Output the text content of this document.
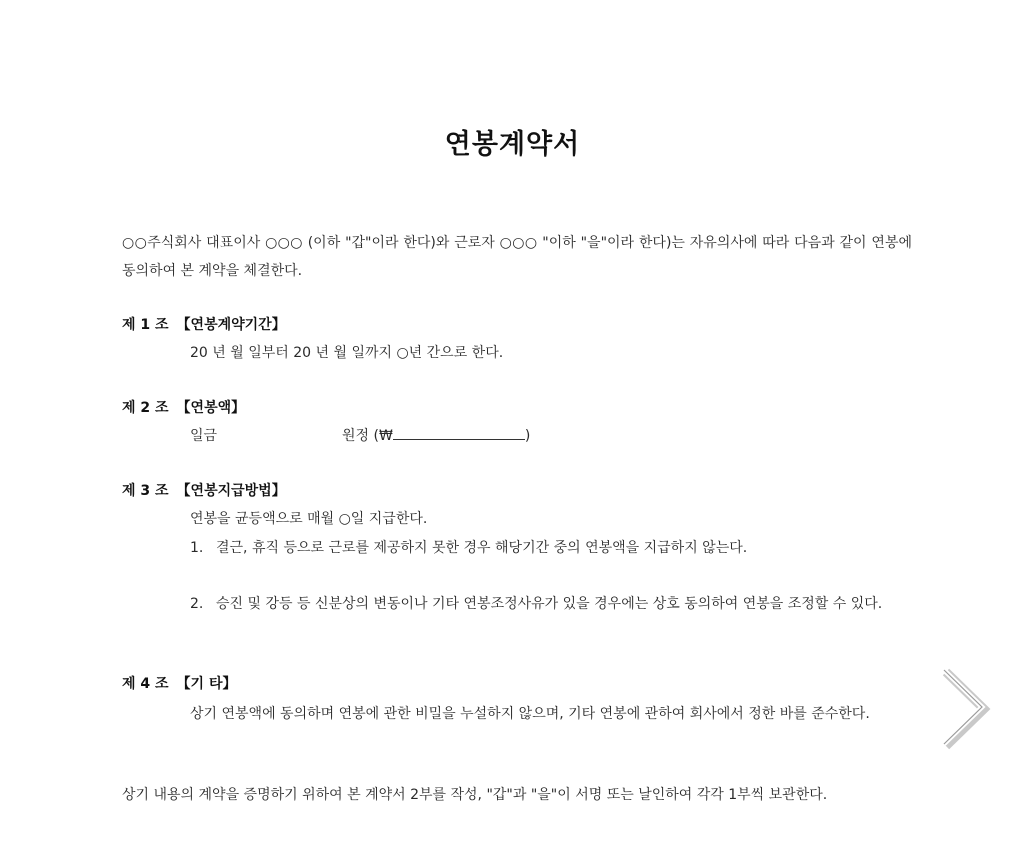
연봉계약서
○○주식회사 대표이사 ○○○ (이하 "갑"이라 한다)와 근로자 ○○○ "이하 "을"이라 한다)는 자유의사에 따라 다음과 같이 연봉에 동의하여 본 계약을 체결한다.
제 1 조 【연봉계약기간】
20 년 월 일부터 20 년 월 일까지 ○년 간으로 한다.
제 2 조 【연봉액】
일금	원정 (₩	)
제 3 조 【연봉지급방법】
연봉을 균등액으로 매월 ○일 지급한다.
1. 결근, 휴직 등으로 근로를 제공하지 못한 경우 해당기간 중의 연봉액을 지급하지 않는다.
2. 승진 및 강등 등 신분상의 변동이나 기타 연봉조정사유가 있을 경우에는 상호 동의하여 연봉을 조정할 수 있다.
제 4 조 【기 타】
상기 연봉액에 동의하며 연봉에 관한 비밀을 누설하지 않으며, 기타 연봉에 관하여 회사에서 정한 바를 준수한다.
상기 내용의 계약을 증명하기 위하여 본 계약서 2부를 작성, "갑"과 "을"이 서명 또는 날인하여 각각 1부씩 보관한다.
